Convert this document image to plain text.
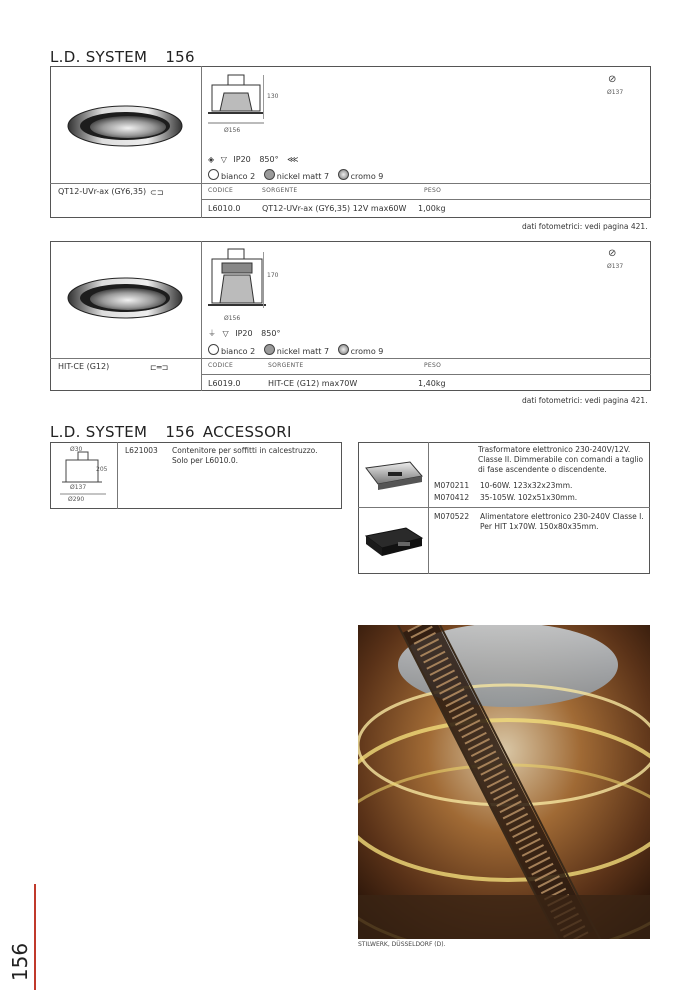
L.D. SYSTEM 156
130
Ø156
⊘
Ø137
◈ ▽ IP20 850° ⋘
bianco 2	nickel matt 7	cromo 9
QT12-UVr-ax (GY6,35) ⊂⊐	CODICE	SORGENTE	PESO
L6010.0	QT12-UVr-ax (GY6,35) 12V max60W 1,00kg
dati fotometrici: vedi pagina 421.
170
Ø156
⊘
Ø137
⏚ ▽ IP20 850°
bianco 2	nickel matt 7	cromo 9
HIT-CE (G12)	⊏═⊐	CODICE	SORGENTE	PESO
L6019.0	HIT-CE (G12) max70W	1,40kg
dati fotometrici: vedi pagina 421.
L.D. SYSTEM 156 ACCESSORI
Ø30
205
Ø137
Ø290
L621003 Contenitore per soffitti in calcestruzzo.
Solo per L6010.0.
Trasformatore elettronico 230-240V/12V.
Classe II. Dimmerabile con comandi a taglio
di fase ascendente o discendente.
M070211 10-60W. 123x32x23mm.
M070412 35-105W. 102x51x30mm.
M070522 Alimentatore elettronico 230-240V Classe I.
Per HIT 1x70W. 150x80x35mm.
STILWERK, DÜSSELDORF (D).
156
